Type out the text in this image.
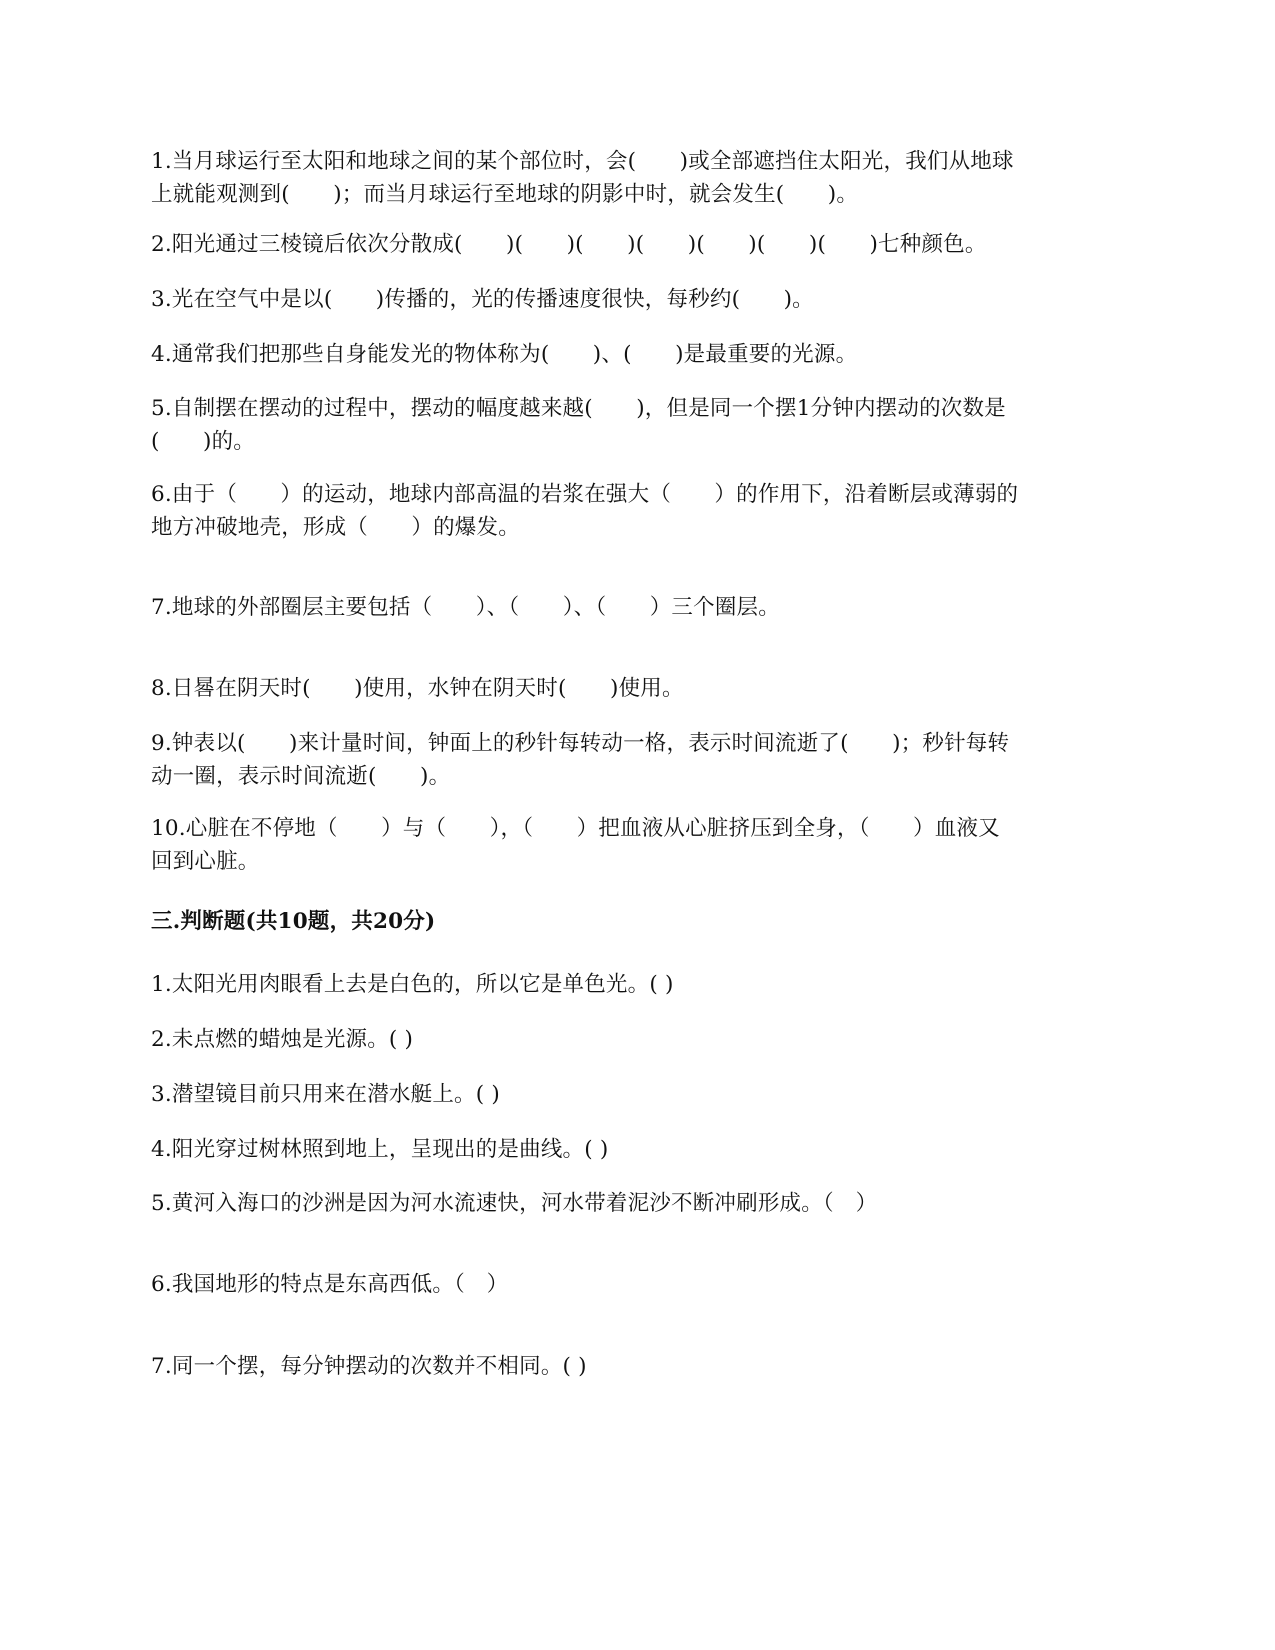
1.当月球运行至太阳和地球之间的某个部位时，会(　　)或全部遮挡住太阳光，我们从地球
上就能观测到(　　)；而当月球运行至地球的阴影中时，就会发生(　　)。
2.阳光通过三棱镜后依次分散成(　　)(　　)(　　)(　　)(　　)(　　)(　　)七种颜色。
3.光在空气中是以(　　)传播的，光的传播速度很快，每秒约(　　)。
4.通常我们把那些自身能发光的物体称为(　　)、(　　)是最重要的光源。
5.自制摆在摆动的过程中，摆动的幅度越来越(　　)，但是同一个摆1分钟内摆动的次数是
(　　)的。
6.由于（　　）的运动，地球内部高温的岩浆在强大（　　）的作用下，沿着断层或薄弱的
地方冲破地壳，形成（　　）的爆发。
7.地球的外部圈层主要包括（　　）、（　　）、（　　）三个圈层。
8.日晷在阴天时(　　)使用，水钟在阴天时(　　)使用。
9.钟表以(　　)来计量时间，钟面上的秒针每转动一格，表示时间流逝了(　　)；秒针每转
动一圈，表示时间流逝(　　)。
10.心脏在不停地（　　）与（　　），（　　）把血液从心脏挤压到全身，（　　）血液又
回到心脏。
三.判断题(共10题，共20分)
1.太阳光用肉眼看上去是白色的，所以它是单色光。( )
2.未点燃的蜡烛是光源。( )
3.潜望镜目前只用来在潜水艇上。( )
4.阳光穿过树林照到地上，呈现出的是曲线。( )
5.黄河入海口的沙洲是因为河水流速快，河水带着泥沙不断冲刷形成。（　）
6.我国地形的特点是东高西低。（　）
7.同一个摆，每分钟摆动的次数并不相同。( )
